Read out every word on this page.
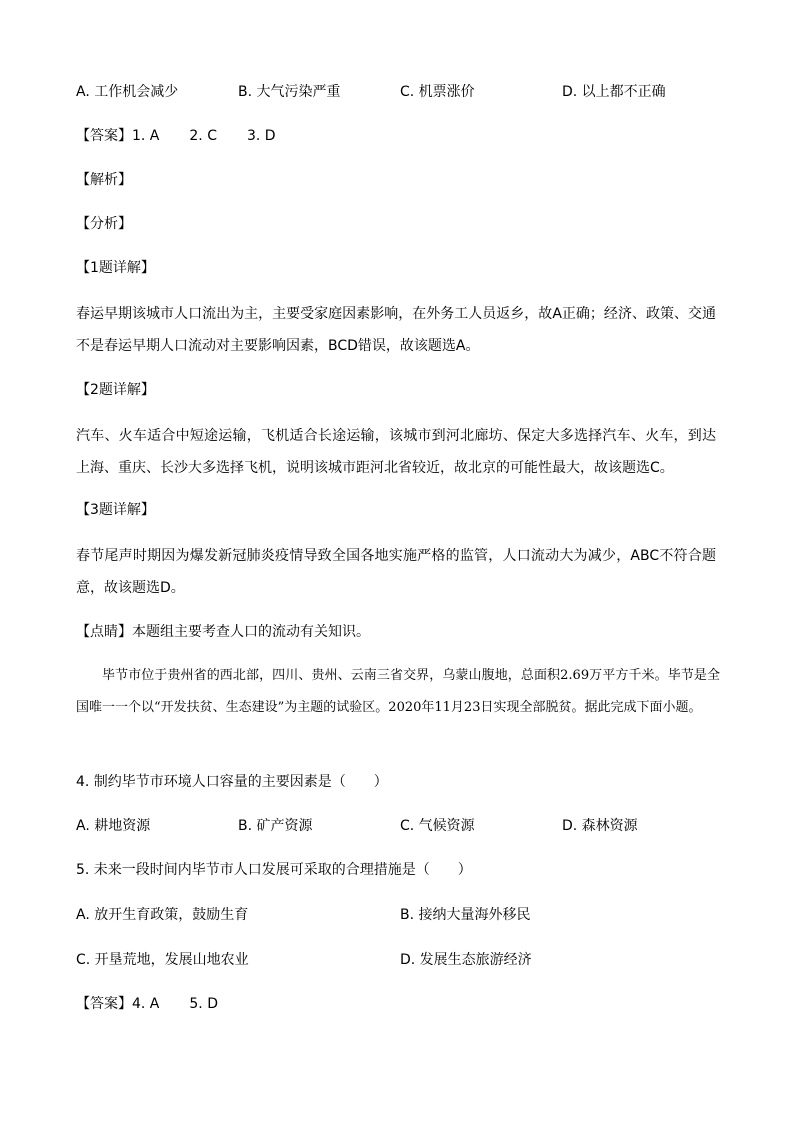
A. 工作机会减少	B. 大气污染严重	C. 机票涨价	D. 以上都不正确
【答案】1. A 2. C 3. D
【解析】
【分析】
【1题详解】
春运早期该城市人口流出为主，主要受家庭因素影响，在外务工人员返乡，故A正确；经济、政策、交通不是春运早期人口流动对主要影响因素，BCD错误，故该题选A。
【2题详解】
汽车、火车适合中短途运输，飞机适合长途运输，该城市到河北廊坊、保定大多选择汽车、火车，到达上海、重庆、长沙大多选择飞机，说明该城市距河北省较近，故北京的可能性最大，故该题选C。
【3题详解】
春节尾声时期因为爆发新冠肺炎疫情导致全国各地实施严格的监管，人口流动大为减少，ABC不符合题意，故该题选D。
【点睛】本题组主要考查人口的流动有关知识。
毕节市位于贵州省的西北部，四川、贵州、云南三省交界，乌蒙山腹地，总面积2.69万平方千米。毕节是全国唯一一个以“开发扶贫、生态建设”为主题的试验区。2020年11月23日实现全部脱贫。据此完成下面小题。
4. 制约毕节市环境人口容量的主要因素是（　　）
A. 耕地资源	B. 矿产资源	C. 气候资源	D. 森林资源
5. 未来一段时间内毕节市人口发展可采取的合理措施是（　　）
A. 放开生育政策，鼓励生育	B. 接纳大量海外移民
C. 开垦荒地，发展山地农业	D. 发展生态旅游经济
【答案】4. A 5. D
